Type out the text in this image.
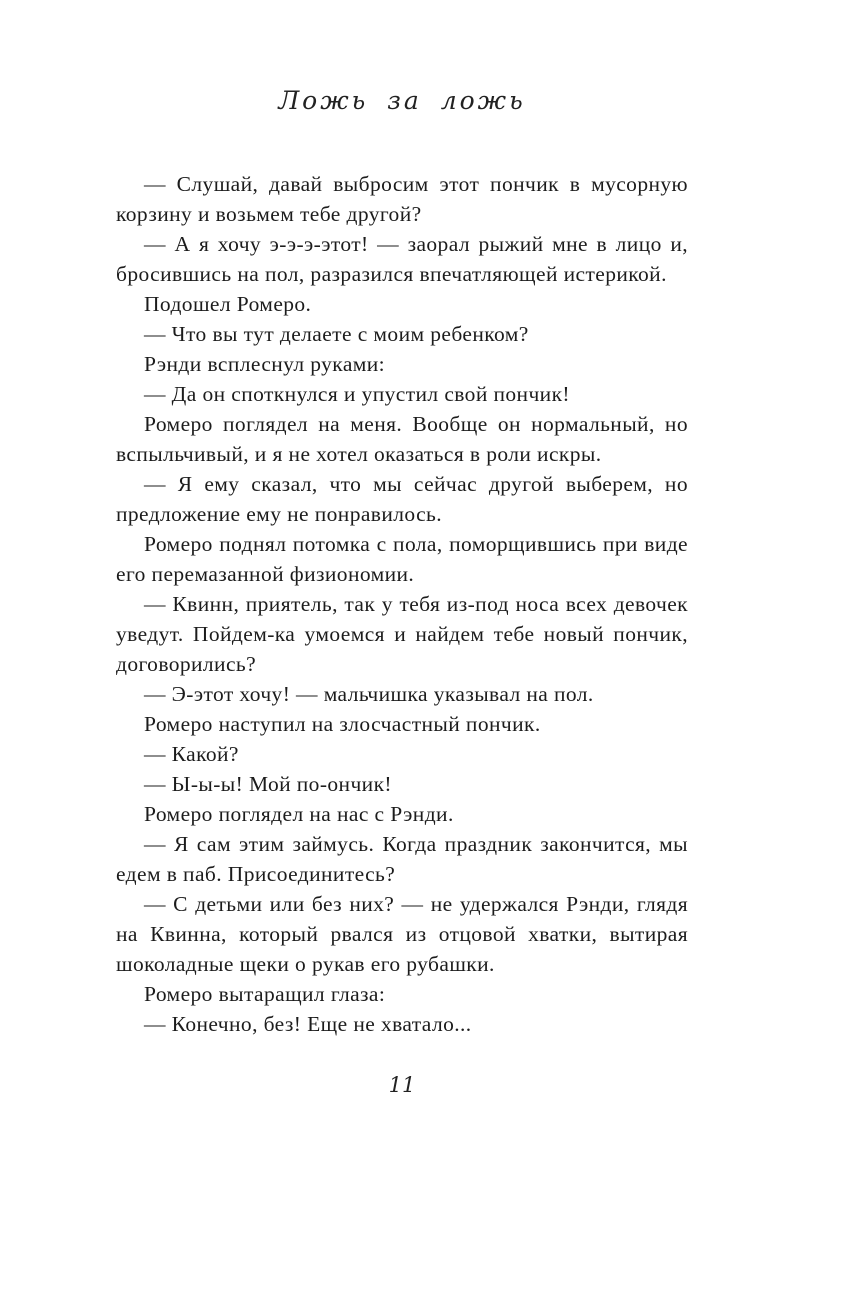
Ложь за ложь

— Слушай, давай выбросим этот пончик в мусорную корзину и возьмем тебе другой?

— А я хочу э-э-э-этот! — заорал рыжий мне в лицо и, бросившись на пол, разразился впечатляющей истерикой.

Подошел Ромеро.

— Что вы тут делаете с моим ребенком?

Рэнди всплеснул руками:

— Да он споткнулся и упустил свой пончик!

Ромеро поглядел на меня. Вообще он нормальный, но вспыльчивый, и я не хотел оказаться в роли искры.

— Я ему сказал, что мы сейчас другой выберем, но предложение ему не понравилось.

Ромеро поднял потомка с пола, поморщившись при виде его перемазанной физиономии.

— Квинн, приятель, так у тебя из-под носа всех девочек уведут. Пойдем-ка умоемся и найдем тебе новый пончик, договорились?

— Э-этот хочу! — мальчишка указывал на пол.

Ромеро наступил на злосчастный пончик.

— Какой?

— Ы-ы-ы! Мой по-ончик!

Ромеро поглядел на нас с Рэнди.

— Я сам этим займусь. Когда праздник закончится, мы едем в паб. Присоединитесь?

— С детьми или без них? — не удержался Рэнди, глядя на Квинна, который рвался из отцовой хватки, вытирая шоколадные щеки о рукав его рубашки.

Ромеро вытаращил глаза:

— Конечно, без! Еще не хватало...

11
